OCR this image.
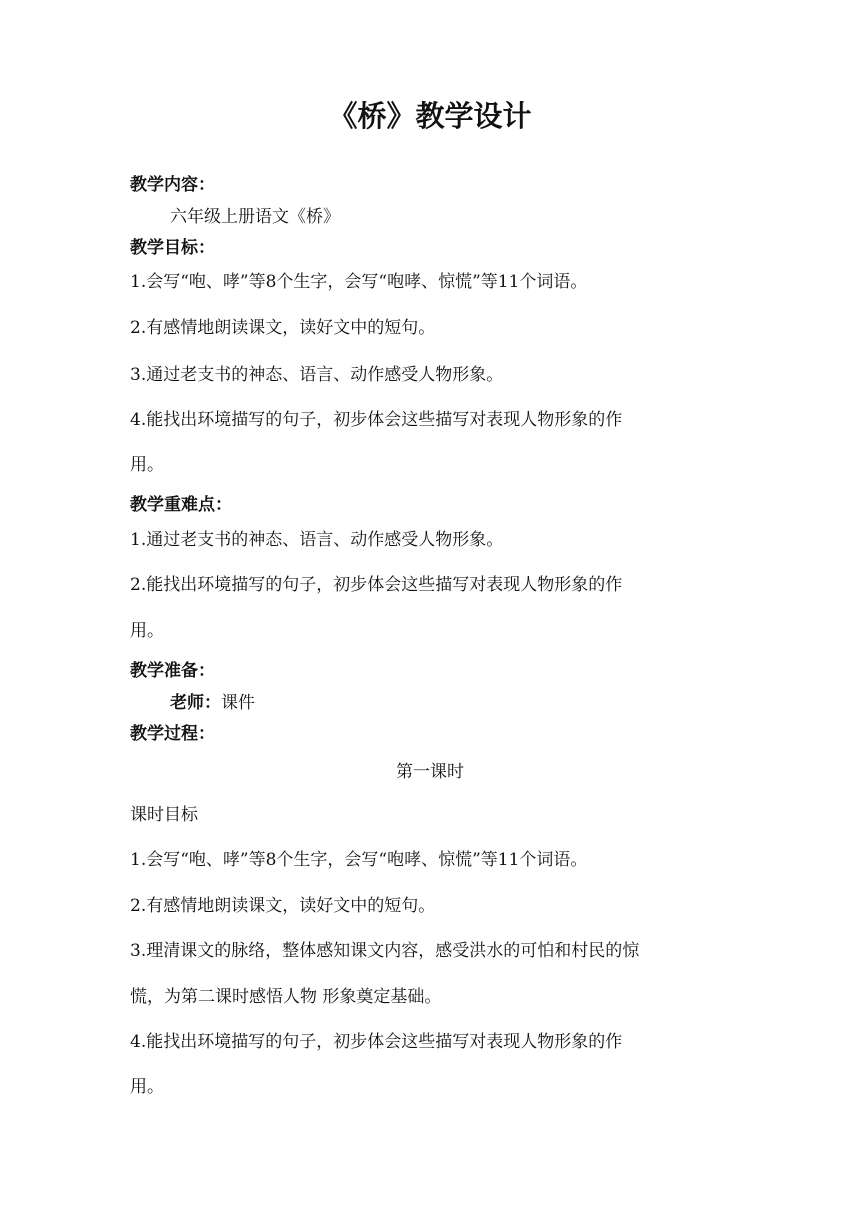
《桥》教学设计
教学内容：
六年级上册语文《桥》
教学目标：
1.会写“咆、哮”等8个生字，会写“咆哮、惊慌”等11个词语。
2.有感情地朗读课文，读好文中的短句。
3.通过老支书的神态、语言、动作感受人物形象。
4.能找出环境描写的句子，初步体会这些描写对表现人物形象的作
用。
教学重难点：
1.通过老支书的神态、语言、动作感受人物形象。
2.能找出环境描写的句子，初步体会这些描写对表现人物形象的作
用。
教学准备：
老师：课件
教学过程：
第一课时
课时目标
1.会写“咆、哮”等8个生字，会写“咆哮、惊慌”等11个词语。
2.有感情地朗读课文，读好文中的短句。
3.理清课文的脉络，整体感知课文内容，感受洪水的可怕和村民的惊
慌，为第二课时感悟人物 形象奠定基础。
4.能找出环境描写的句子，初步体会这些描写对表现人物形象的作
用。
